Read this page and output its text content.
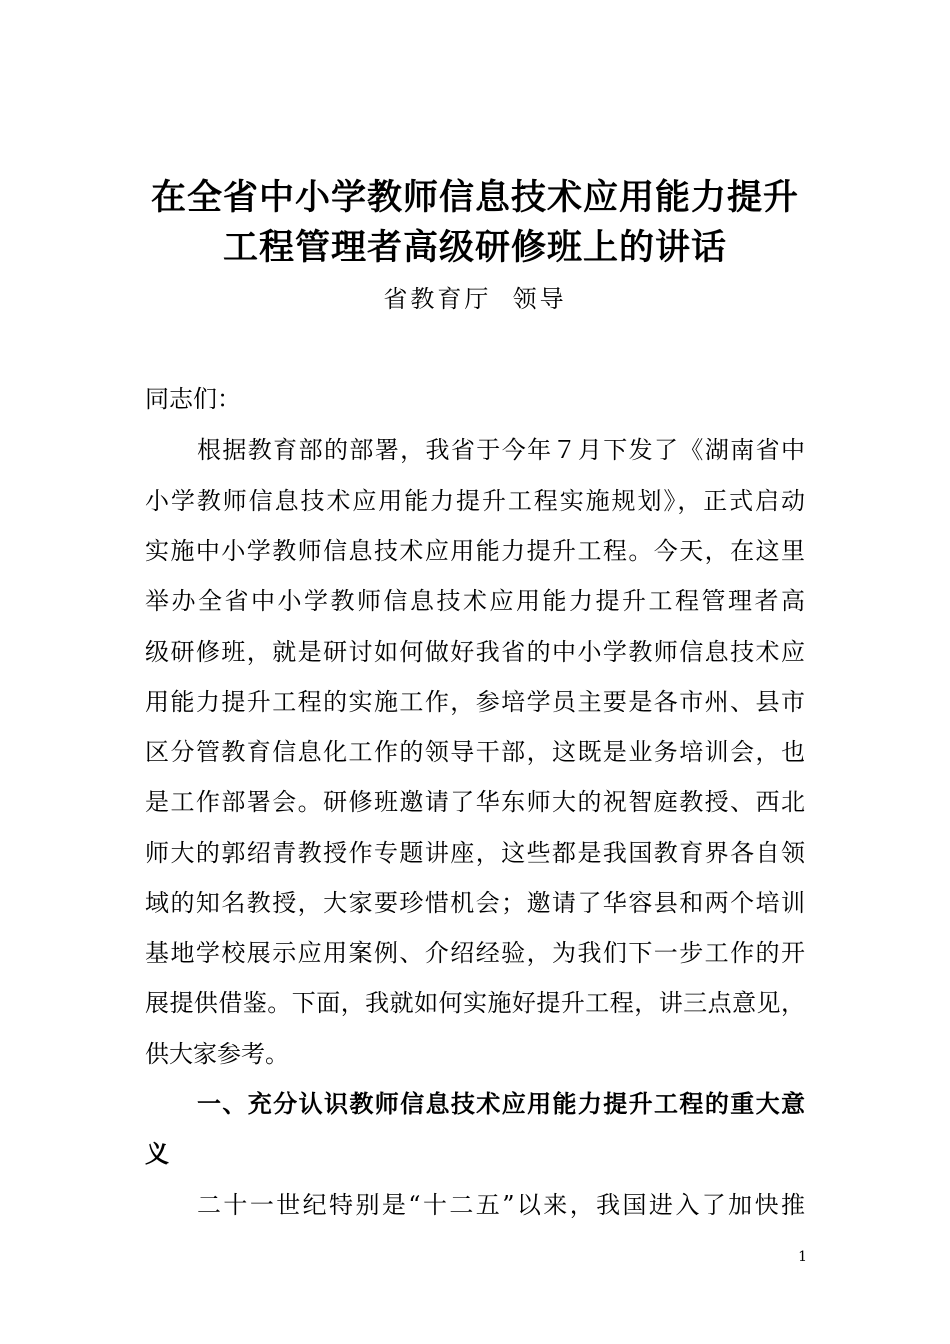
在全省中小学教师信息技术应用能力提升
工程管理者高级研修班上的讲话
省教育厅  领导
同志们：
根据教育部的部署，我省于今年７月下发了《湖南省中
小学教师信息技术应用能力提升工程实施规划》，正式启动
实施中小学教师信息技术应用能力提升工程。今天，在这里
举办全省中小学教师信息技术应用能力提升工程管理者高
级研修班，就是研讨如何做好我省的中小学教师信息技术应
用能力提升工程的实施工作，参培学员主要是各市州、县市
区分管教育信息化工作的领导干部，这既是业务培训会，也
是工作部署会。研修班邀请了华东师大的祝智庭教授、西北
师大的郭绍青教授作专题讲座，这些都是我国教育界各自领
域的知名教授，大家要珍惜机会；邀请了华容县和两个培训
基地学校展示应用案例、介绍经验，为我们下一步工作的开
展提供借鉴。下面，我就如何实施好提升工程，讲三点意见，
供大家参考。
一、充分认识教师信息技术应用能力提升工程的重大意
义
二十一世纪特别是“十二五”以来，我国进入了加快推
1
